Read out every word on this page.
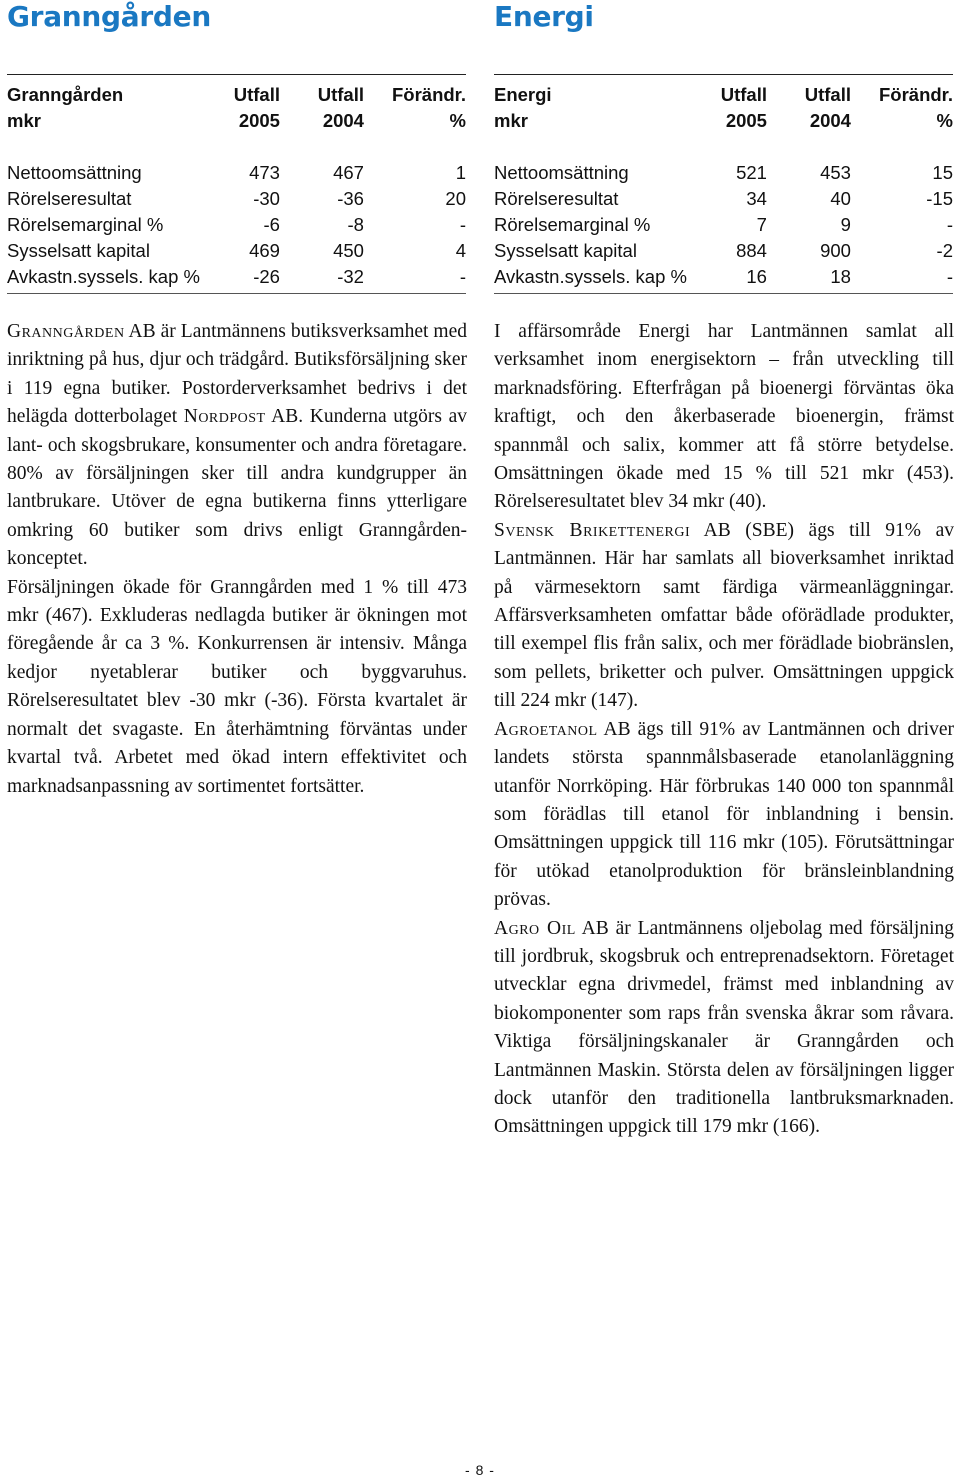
Granngården
Granngården	Utfall	Utfall	Förändr.
mkr	2005	2004	%
Nettoomsättning	473	467	1
Rörelseresultat	-30	-36	20
Rörelsemarginal %	-6	-8	-
Sysselsatt kapital	469	450	4
Avkastn.syssels. kap %	-26	-32	-

Granngården AB är Lantmännens butiksverksamhet med inriktning på hus, djur och trädgård. Butiksförsäljning sker i 119 egna butiker. Postorderverksamhet bedrivs i det helägda dotterbolaget Nordpost AB. Kunderna utgörs av lant- och skogsbrukare, konsumenter och andra företagare. 80% av försäljningen sker till andra kundgrupper än lantbrukare. Utöver de egna butikerna finns ytterligare omkring 60 butiker som drivs enligt Granngården-konceptet.

Försäljningen ökade för Granngården med 1 % till 473 mkr (467). Exkluderas nedlagda butiker är ökningen mot föregående år ca 3 %. Konkurrensen är intensiv. Många kedjor nyetablerar butiker och byggvaruhus. Rörelseresultatet blev -30 mkr (-36). Första kvartalet är normalt det svagaste. En återhämtning förväntas under kvartal två. Arbetet med ökad intern effektivitet och marknadsanpassning av sortimentet fortsätter.

Energi
Energi	Utfall	Utfall	Förändr.
mkr	2005	2004	%
Nettoomsättning	521	453	15
Rörelseresultat	34	40	-15
Rörelsemarginal %	7	9	-
Sysselsatt kapital	884	900	-2
Avkastn.syssels. kap %	16	18	-

I affärsområde Energi har Lantmännen samlat all verksamhet inom energisektorn – från utveckling till marknadsföring. Efterfrågan på bioenergi förväntas öka kraftigt, och den åkerbaserade bioenergin, främst spannmål och salix, kommer att få större betydelse. Omsättningen ökade med 15 % till 521 mkr (453). Rörelseresultatet blev 34 mkr (40).

Svensk Brikettenergi AB (SBE) ägs till 91% av Lantmännen. Här har samlats all bioverksamhet inriktad på värmesektorn samt färdiga värmeanläggningar. Affärsverksamheten omfattar både oförädlade produkter, till exempel flis från salix, och mer förädlade biobränslen, som pellets, briketter och pulver. Omsättningen uppgick till 224 mkr (147).

Agroetanol AB ägs till 91% av Lantmännen och driver landets största spannmålsbaserade etanolanläggning utanför Norrköping. Här förbrukas 140 000 ton spannmål som förädlas till etanol för inblandning i bensin. Omsättningen uppgick till 116 mkr (105). Förutsättningar för utökad etanolproduktion för bränsleinblandning prövas.

Agro Oil AB är Lantmännens oljebolag med försäljning till jordbruk, skogsbruk och entreprenadsektorn. Företaget utvecklar egna drivmedel, främst med inblandning av biokomponenter som raps från svenska åkrar som råvara. Viktiga försäljningskanaler är Granngården och Lantmännen Maskin. Största delen av försäljningen ligger dock utanför den traditionella lantbruksmarknaden. Omsättningen uppgick till 179 mkr (166).

- 8 -
